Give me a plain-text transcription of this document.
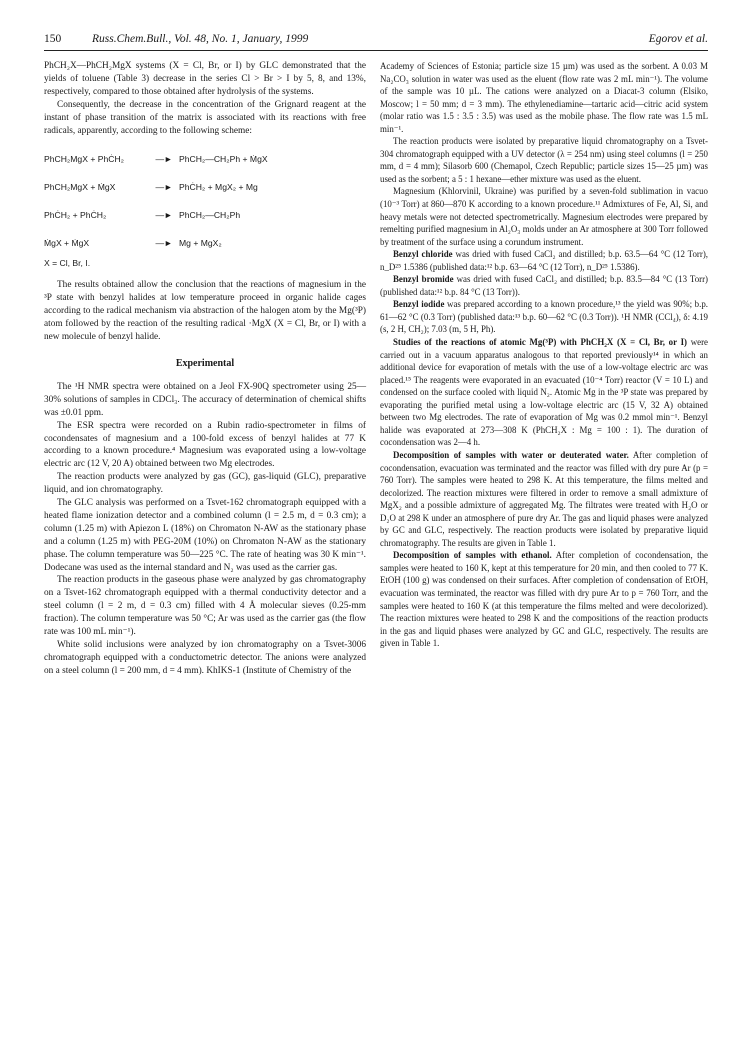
150	Russ.Chem.Bull., Vol. 48, No. 1, January, 1999	Egorov et al.

PhCH₂X—PhCH₂MgX systems (X = Cl, Br, or I) by GLC demonstrated that the yields of toluene (Table 3) decrease in the series Cl > Br > I by 5, 8, and 13%, respectively, compared to those obtained after hydrolysis of the systems.

Consequently, the decrease in the concentration of the Grignard reagent at the instant of phase transition of the matrix is associated with its reactions with free radicals, apparently, according to the following scheme:

PhCH₂MgX + PhĊH₂	—► PhCH₂—CH₂Ph + ṀgX
PhCH₂MgX + ṀgX	—► PhĊH₂ + MgX₂ + Mg
PhĊH₂ + PhĊH₂	—► PhCH₂—CH₂Ph
ṀgX + ṀgX	—► Mg + MgX₂
X = Cl, Br, I.

The results obtained allow the conclusion that the reactions of magnesium in the ³P state with benzyl halides at low temperature proceed in organic halide cages according to the radical mechanism via abstraction of the halogen atom by the Mg(³P) atom followed by the reaction of the resulting radical ·MgX (X = Cl, Br, or I) with a new molecule of benzyl halide.

Experimental

The ¹H NMR spectra were obtained on a Jeol FX-90Q spectrometer using 25—30% solutions of samples in CDCl₃. The accuracy of determination of chemical shifts was ±0.01 ppm.

The ESR spectra were recorded on a Rubin radio-spectrometer in films of cocondensates of magnesium and a 100-fold excess of benzyl halides at 77 K according to a known procedure.⁴ Magnesium was evaporated using a low-voltage electric arc (12 V, 20 A) obtained between two Mg electrodes.

The reaction products were analyzed by gas (GC), gas-liquid (GLC), preparative liquid, and ion chromatography.

The GLC analysis was performed on a Tsvet-162 chromatograph equipped with a heated flame ionization detector and a combined column (l = 2.5 m, d = 0.3 cm); a column (1.25 m) with Apiezon L (18%) on Chromaton N-AW as the stationary phase and a column (1.25 m) with PEG-20M (10%) on Chromaton N-AW as the stationary phase. The column temperature was 50—225 °C. The rate of heating was 30 K min⁻¹. Dodecane was used as the internal standard and N₂ was used as the carrier gas.

The reaction products in the gaseous phase were analyzed by gas chromatography on a Tsvet-162 chromatograph equipped with a thermal conductivity detector and a steel column (l = 2 m, d = 0.3 cm) filled with 4 Å molecular sieves (0.25-mm fraction). The column temperature was 50 °C; Ar was used as the carrier gas (the flow rate was 100 mL min⁻¹).

White solid inclusions were analyzed by ion chromatography on a Tsvet-3006 chromatograph equipped with a conductometric detector. The anions were analyzed on a steel column (l = 200 mm, d = 4 mm). KhIKS-1 (Institute of Chemistry of the

Academy of Sciences of Estonia; particle size 15 µm) was used as the sorbent. A 0.03 M Na₂CO₃ solution in water was used as the eluent (flow rate was 2 mL min⁻¹). The volume of the sample was 10 µL. The cations were analyzed on a Diacat-3 column (Elsiko, Moscow; l = 50 mm; d = 3 mm). The ethylenediamine—tartaric acid—citric acid system (molar ratio was 1.5 : 3.5 : 3.5) was used as the mobile phase. The flow rate was 1.5 mL min⁻¹.

The reaction products were isolated by preparative liquid chromatography on a Tsvet-304 chromatograph equipped with a UV detector (λ = 254 nm) using steel columns (l = 250 mm, d = 4 mm); Silasorb 600 (Chemapol, Czech Republic; particle sizes 15—25 µm) was used as the sorbent; a 5 : 1 hexane—ether mixture was used as the eluent.

Magnesium (Khlorvinil, Ukraine) was purified by a seven-fold sublimation in vacuo (10⁻³ Torr) at 860—870 K according to a known procedure.¹¹ Admixtures of Fe, Al, Si, and heavy metals were not detected spectrometrically. Magnesium electrodes were prepared by remelting purified magnesium in Al₂O₃ molds under an Ar atmosphere at 300 Torr followed by treatment of the surface using a corundum instrument.

Benzyl chloride was dried with fused CaCl₂ and distilled; b.p. 63.5—64 °C (12 Torr), n_D²⁵ 1.5386 (published data:¹² b.p. 63—64 °C (12 Torr), n_D²⁵ 1.5386).

Benzyl bromide was dried with fused CaCl₂ and distilled; b.p. 83.5—84 °C (13 Torr) (published data:¹² b.p. 84 °C (13 Torr)).

Benzyl iodide was prepared according to a known procedure,¹³ the yield was 90%; b.p. 61—62 °C (0.3 Torr) (published data:¹³ b.p. 60—62 °C (0.3 Torr)). ¹H NMR (CCl₄), δ: 4.19 (s, 2 H, CH₂); 7.03 (m, 5 H, Ph).

Studies of the reactions of atomic Mg(³P) with PhCH₂X (X = Cl, Br, or I) were carried out in a vacuum apparatus analogous to that reported previously¹⁴ in which an additional device for evaporation of metals with the use of a low-voltage electric arc was placed.¹⁵ The reagents were evaporated in an evacuated (10⁻⁴ Torr) reactor (V = 10 L) and condensed on the surface cooled with liquid N₂. Atomic Mg in the ³P state was prepared by evaporating the purified metal using a low-voltage electric arc (15 V, 32 A) obtained between two Mg electrodes. The rate of evaporation of Mg was 0.2 mmol min⁻¹. Benzyl halide was evaporated at 273—308 K (PhCH₂X : Mg = 100 : 1). The duration of cocondensation was 2—4 h.

Decomposition of samples with water or deuterated water. After completion of cocondensation, evacuation was terminated and the reactor was filled with dry pure Ar (p = 760 Torr). The samples were heated to 298 K. At this temperature, the films melted and decolorized. The reaction mixtures were filtered in order to remove a small admixture of MgX₂ and a possible admixture of aggregated Mg. The filtrates were treated with H₂O or D₂O at 298 K under an atmosphere of pure dry Ar. The gas and liquid phases were analyzed by GC and GLC, respectively. The reaction products were isolated by preparative liquid chromatography. The results are given in Table 1.

Decomposition of samples with ethanol. After completion of cocondensation, the samples were heated to 160 K, kept at this temperature for 20 min, and then cooled to 77 K. EtOH (100 g) was condensed on their surfaces. After completion of condensation of EtOH, evacuation was terminated, the reactor was filled with dry pure Ar to p = 760 Torr, and the samples were heated to 160 K (at this temperature the films melted and were decolorized). The reaction mixtures were heated to 298 K and the compositions of the reaction products in the gas and liquid phases were analyzed by GC and GLC, respectively. The results are given in Table 1.
